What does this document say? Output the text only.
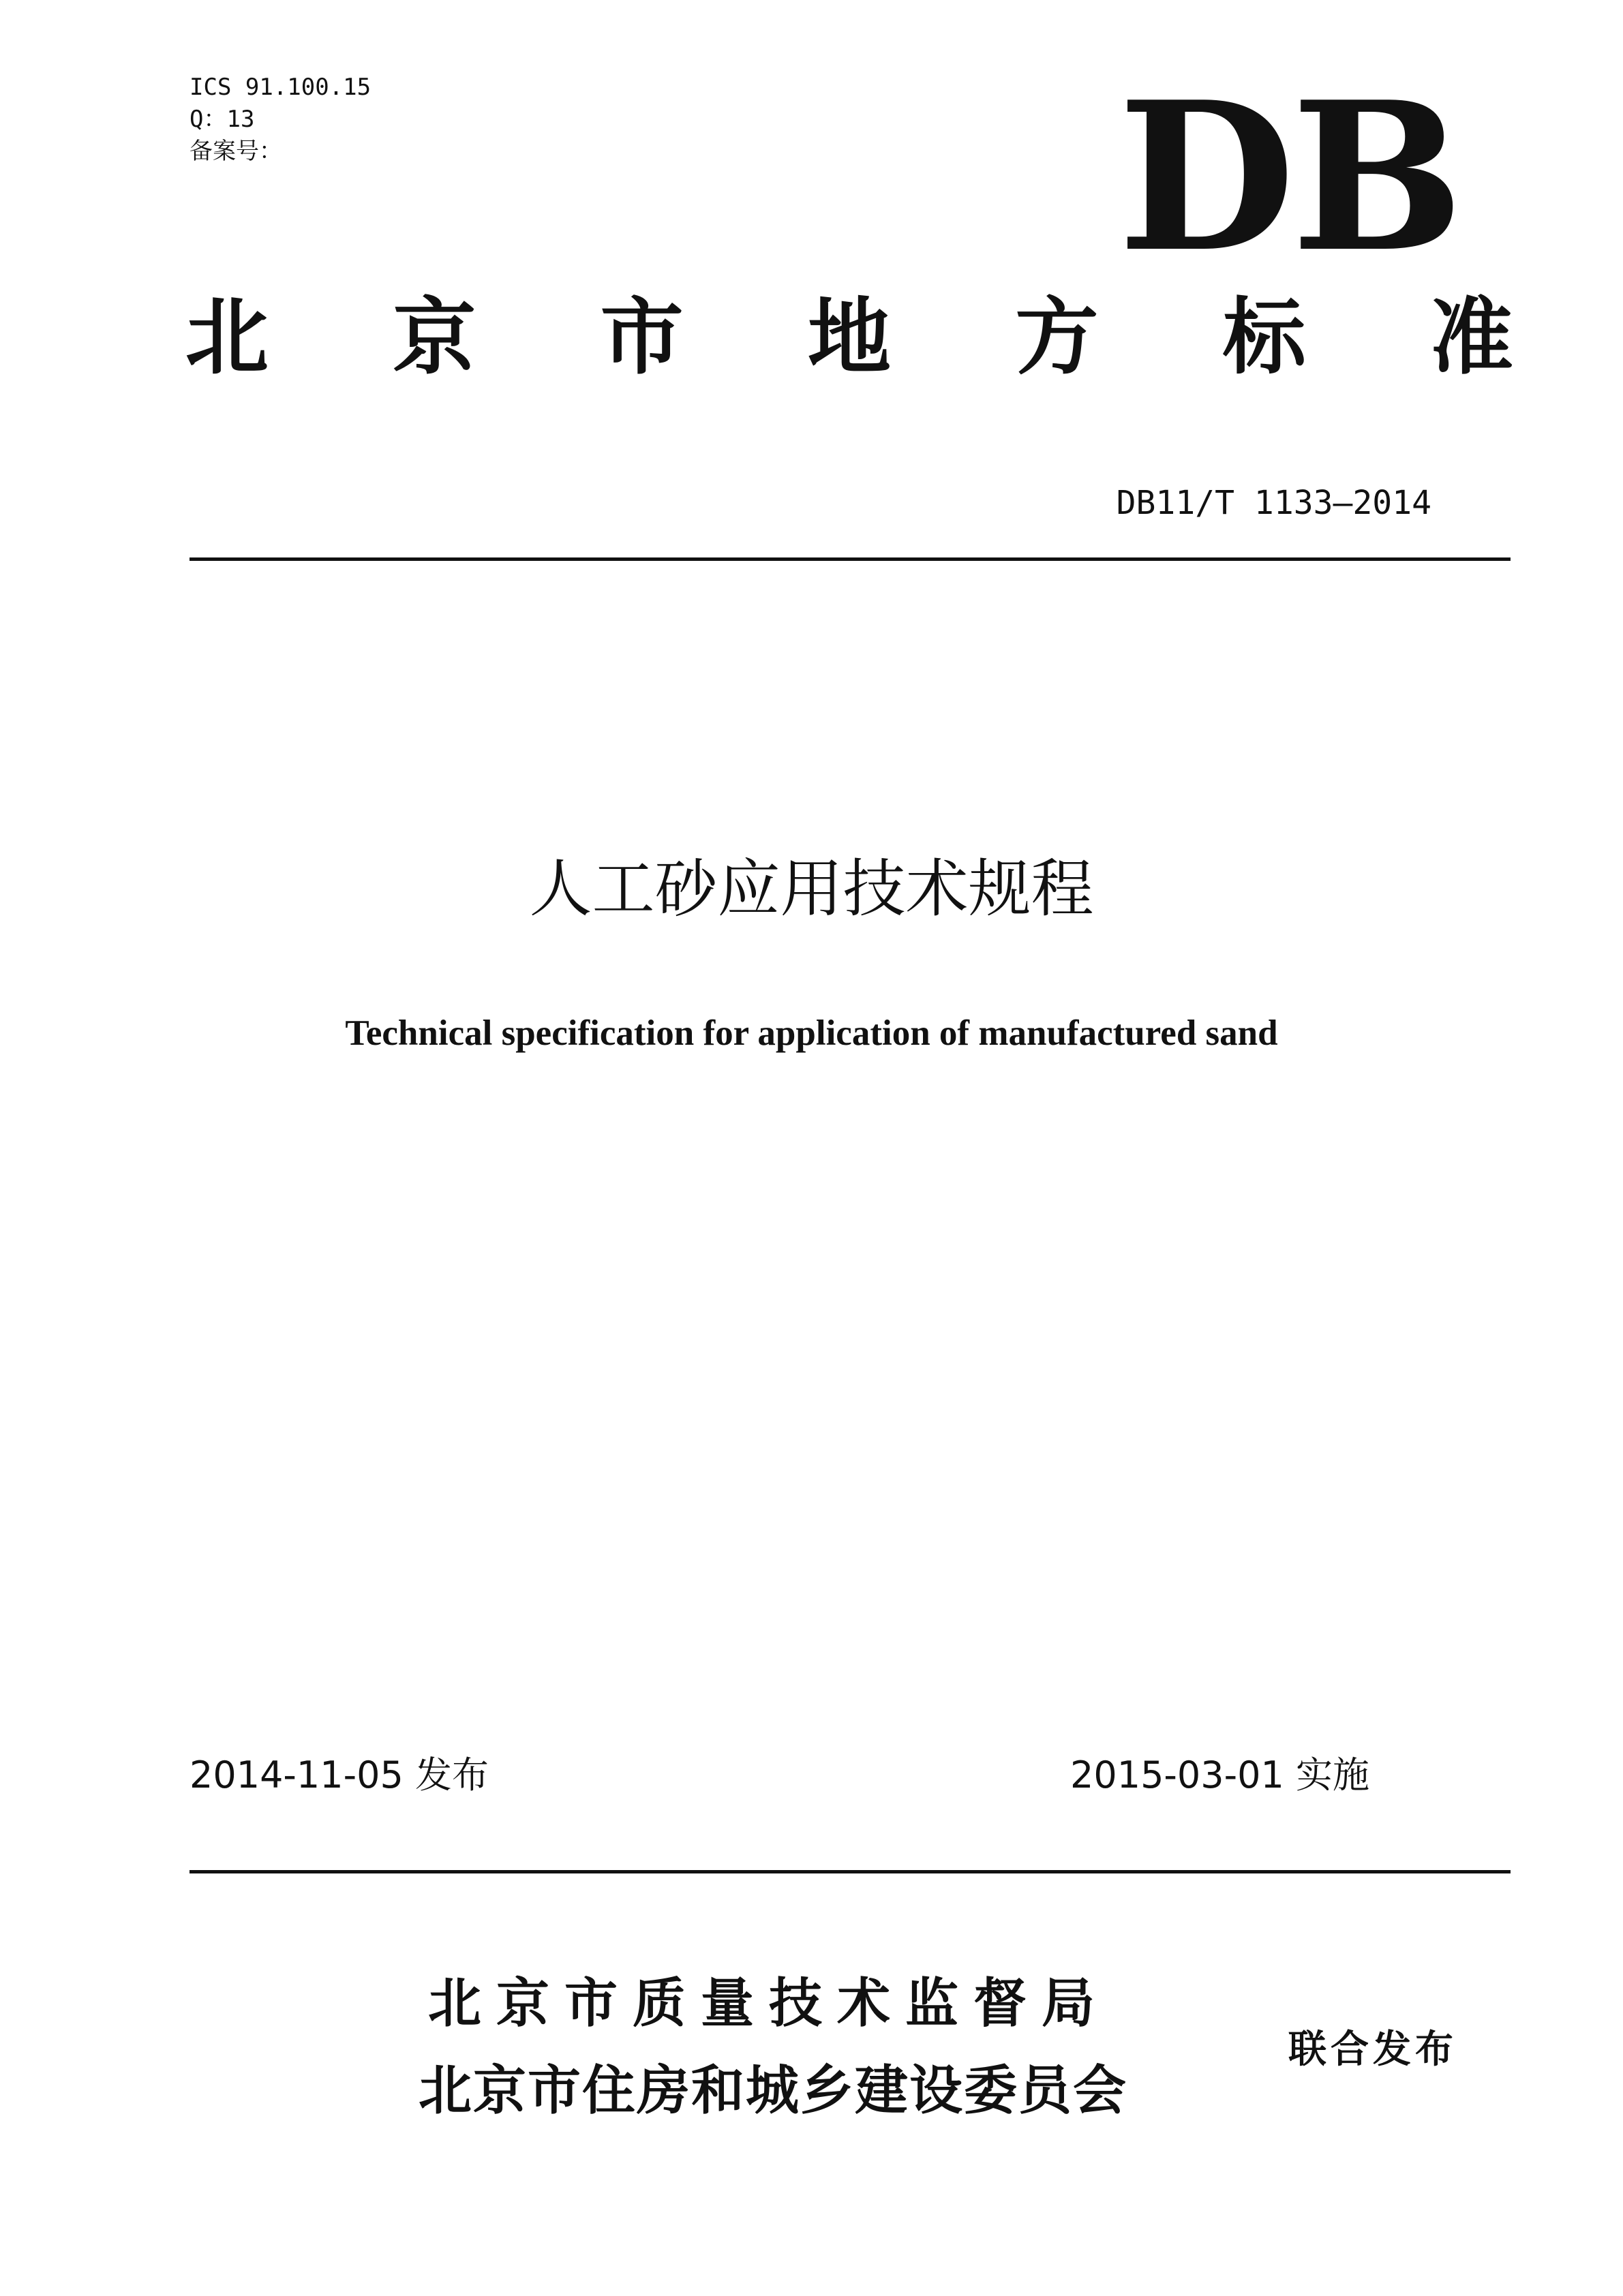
ICS 91.100.15
Q：13
备案号：	DB
北 京 市 地 方 标 准
DB11/T 1133—2014
人工砂应用技术规程
Technical specification for application of manufactured sand
2014-11-05 发布	2015-03-01 实施
北京市质量技术监督局
北京市住房和城乡建设委员会
联合发布
